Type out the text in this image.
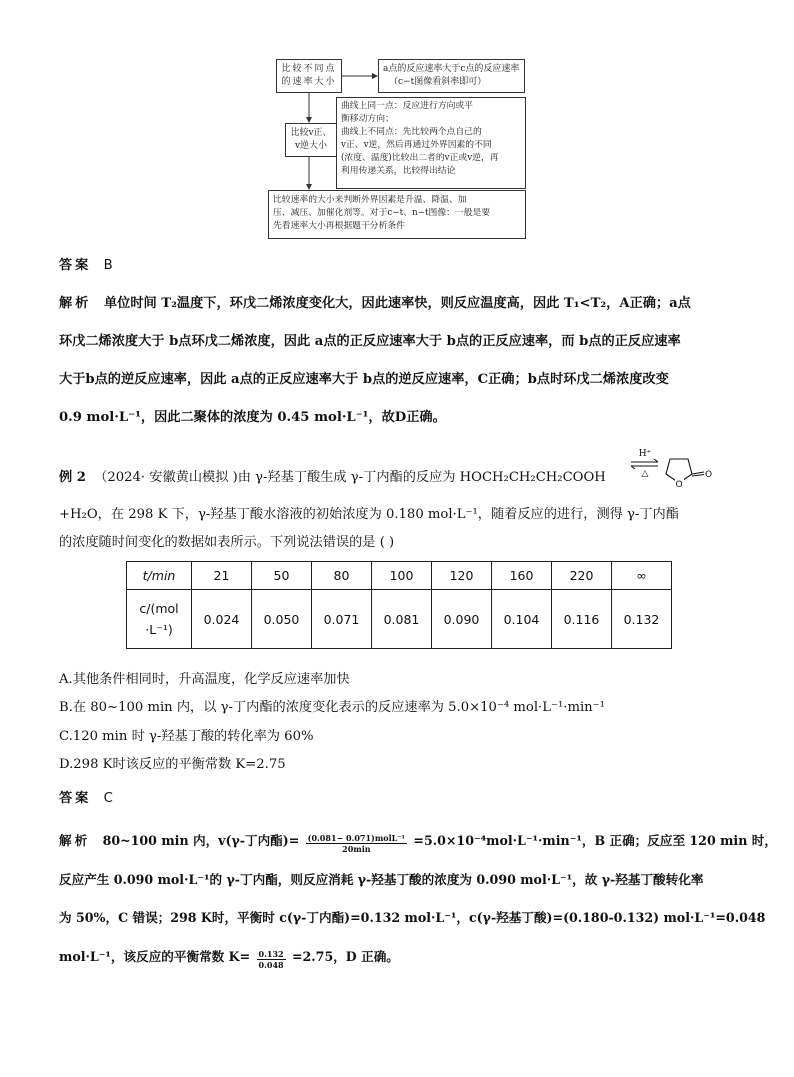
比较不同点
的速率大小
a点的反应速率大于c点的反应速率
（c−t图像看斜率即可）
比较v正、
v逆大小
曲线上同一点：反应进行方向或平
衡移动方向；
曲线上不同点：先比较两个点自己的
v正、v逆，然后再通过外界因素的不同
(浓度、温度)比较出二者的v正或v逆，再
利用传递关系，比较得出结论
比较速率的大小来判断外界因素是升温、降温、加
压、减压、加催化剂等。对于c−t、n−t图像：一般是要
先看速率大小再根据题干分析条件
答案 B
解析 单位时间 T₂温度下，环戊二烯浓度变化大，因此速率快，则反应温度高，因此 T₁<T₂，A正确；a点
环戊二烯浓度大于 b点环戊二烯浓度，因此 a点的正反应速率大于 b点的正反应速率，而 b点的正反应速率
大于b点的逆反应速率，因此 a点的正反应速率大于 b点的逆反应速率，C正确；b点时环戊二烯浓度改变
0.9 mol·L⁻¹，因此二聚体的浓度为 0.45 mol·L⁻¹，故D正确。
例 2 （2024· 安徽黄山模拟 )由 γ-羟基丁酸生成 γ-丁内酯的反应为 HOCH₂CH₂CH₂COOH
H⁺
△	O
O
+H₂O，在 298 K 下，γ-羟基丁酸水溶液的初始浓度为 0.180 mol·L⁻¹，随着反应的进行，测得 γ-丁内酯
的浓度随时间变化的数据如表所示。下列说法错误的是 ( )
t/min	21	50	80	100	120	160	220	∞

c/(mol
·L⁻¹)	0.024	0.050	0.071	0.081	0.090	0.104	0.116	0.132
A.其他条件相同时，升高温度，化学反应速率加快
B.在 80~100 min 内，以 γ-丁内酯的浓度变化表示的反应速率为 5.0×10⁻⁴ mol·L⁻¹·min⁻¹
C.120 min 时 γ-羟基丁酸的转化率为 60%
D.298 K时该反应的平衡常数 K=2.75
答案 C
解析 80~100 min 内，v(γ-丁内酯)= $\frac{\text{(0.081− 0.071)molL⁻¹}}{20\min} =5.0\times 10^{-4}mol\cdot L^{-1}\cdot\min^{-1}$，B 正确；反应至 120 min 时，
反应产生 0.090 mol·L⁻¹的 γ-丁内酯，则反应消耗 γ-羟基丁酸的浓度为 0.090 mol·L⁻¹，故 γ-羟基丁酸转化率
为 50%，C 错误；298 K时，平衡时 c(γ-丁内酯)=0.132 mol·L⁻¹，c(γ-羟基丁酸)=(0.180-0.132) mol·L⁻¹=0.048
mol·L⁻¹，该反应的平衡常数 $K= \frac{0.132}{0.048} =2.75$，D 正确。
